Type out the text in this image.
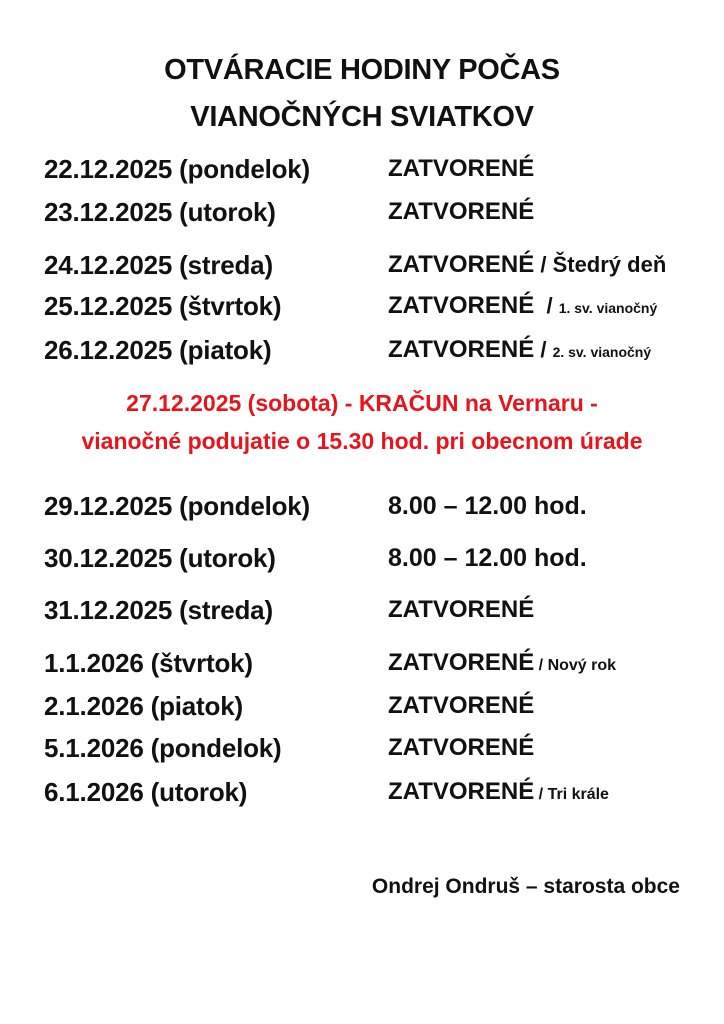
OTVÁRACIE HODINY POČAS
VIANOČNÝCH SVIATKOV
22.12.2025 (pondelok)	ZATVORENÉ
23.12.2025 (utorok)	ZATVORENÉ
24.12.2025 (streda)	ZATVORENÉ / Štedrý deň
25.12.2025 (štvrtok)	ZATVORENÉ  / 1. sv. vianočný
26.12.2025 (piatok)	ZATVORENÉ / 2. sv. vianočný
27.12.2025 (sobota) - KRAČUN na Vernaru -
vianočné podujatie o 15.30 hod. pri obecnom úrade
29.12.2025 (pondelok)	8.00 – 12.00 hod.
30.12.2025 (utorok)	8.00 – 12.00 hod.
31.12.2025 (streda)	ZATVORENÉ
1.1.2026 (štvrtok)	ZATVORENÉ / Nový rok
2.1.2026 (piatok)	ZATVORENÉ
5.1.2026 (pondelok)	ZATVORENÉ
6.1.2026 (utorok)	ZATVORENÉ / Tri krále
Ondrej Ondruš – starosta obce
